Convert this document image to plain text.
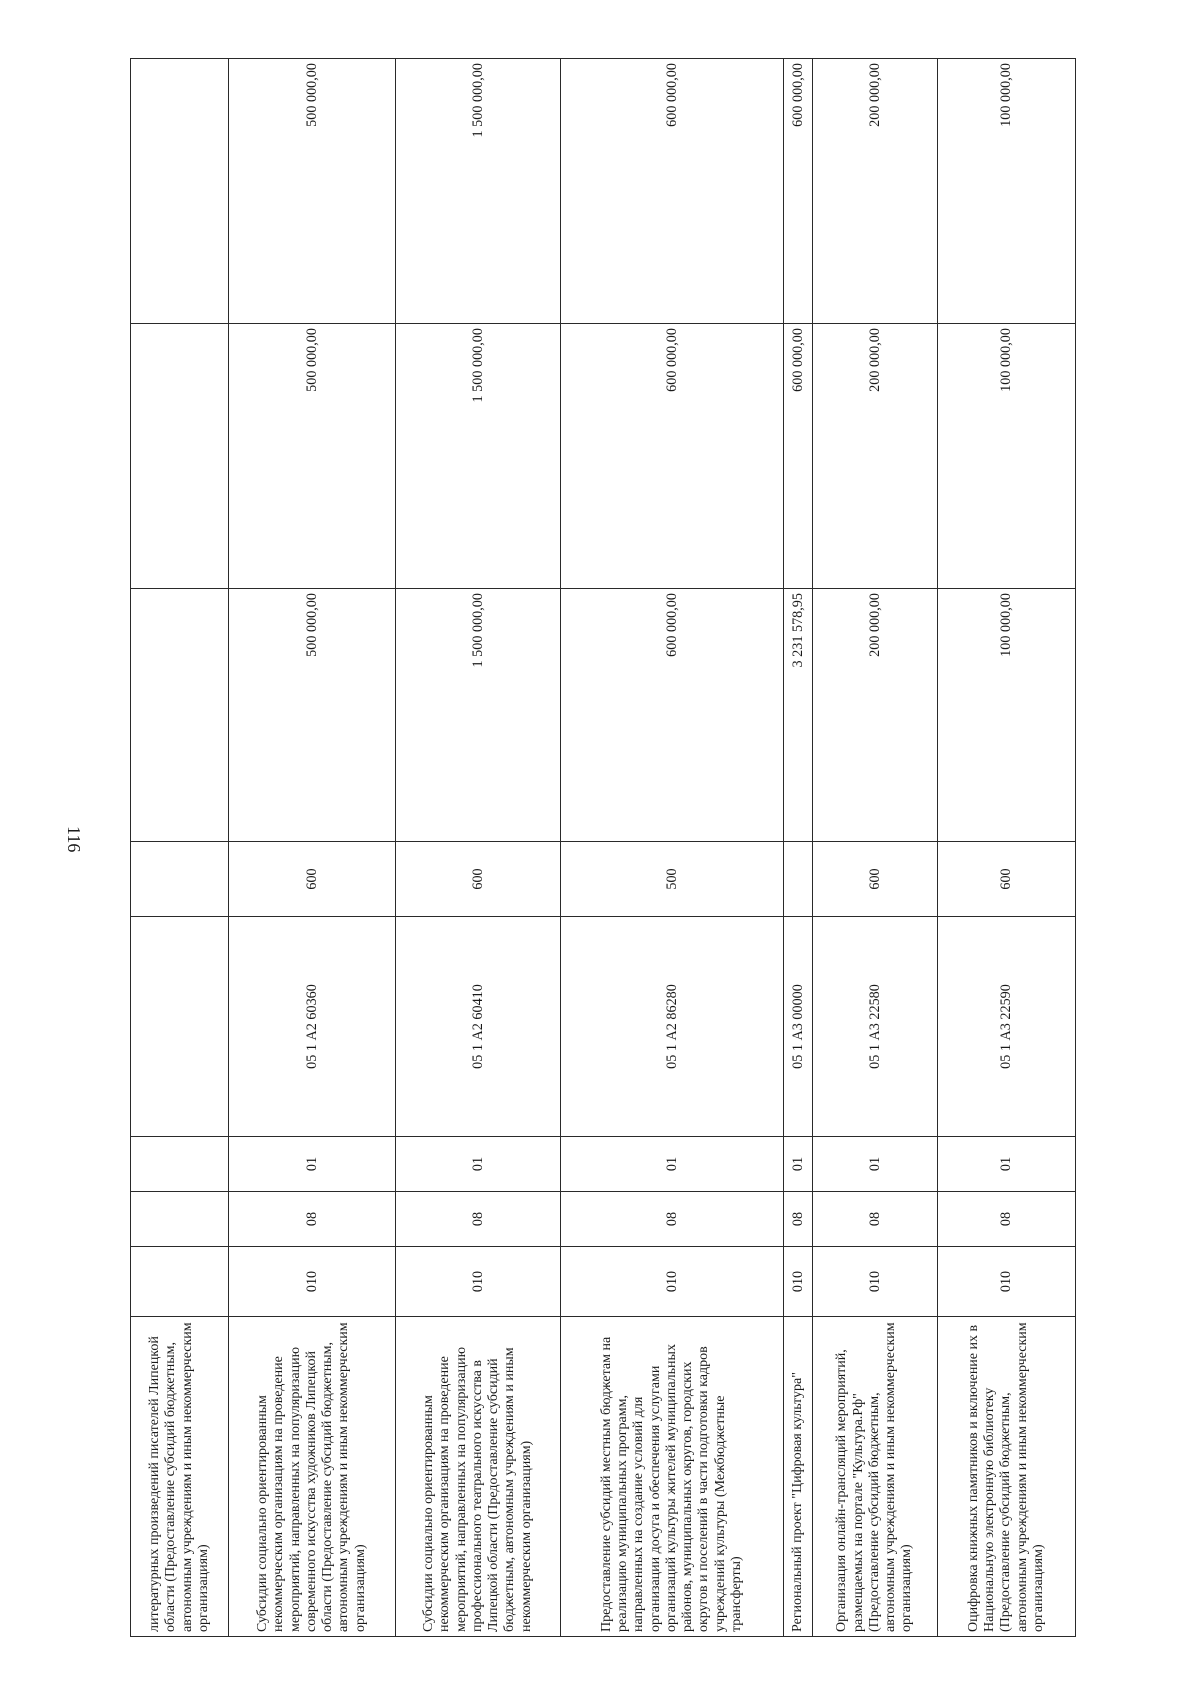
116
литературных произведений писателей Липецкой области (Предоставление субсидий бюджетным, автономным учреждениям и иным некоммерческим организациям)								
Субсидии социально ориентированным некоммерческим организациям на проведение мероприятий, направленных на популяризацию современного искусства художников Липецкой области (Предоставление субсидий бюджетным, автономным учреждениям и иным некоммерческим организациям)	010	08	01	05 1 А2 60360	600	500 000,00	500 000,00	500 000,00
Субсидии социально ориентированным некоммерческим организациям на проведение мероприятий, направленных на популяризацию профессионального театрального искусства в Липецкой области (Предоставление субсидий бюджетным, автономным учреждениям и иным некоммерческим организациям)	010	08	01	05 1 А2 60410	600	1 500 000,00	1 500 000,00	1 500 000,00
Предоставление субсидий местным бюджетам на реализацию муниципальных программ, направленных на создание условий для организации досуга и обеспечения услугами организаций культуры жителей муниципальных районов, муниципальных округов, городских округов и поселений в части подготовки кадров учреждений культуры (Межбюджетные трансферты)	010	08	01	05 1 А2 86280	500	600 000,00	600 000,00	600 000,00
Региональный проект "Цифровая культура"	010	08	01	05 1 А3 00000		3 231 578,95	600 000,00	600 000,00
Организация онлайн-трансляций мероприятий, размещаемых на портале "Культура.Рф" (Предоставление субсидий бюджетным, автономным учреждениям и иным некоммерческим организациям)	010	08	01	05 1 А3 22580	600	200 000,00	200 000,00	200 000,00
Оцифровка книжных памятников и включение их в Национальную электронную библиотеку (Предоставление субсидий бюджетным, автономным учреждениям и иным некоммерческим организациям)	010	08	01	05 1 А3 22590	600	100 000,00	100 000,00	100 000,00
